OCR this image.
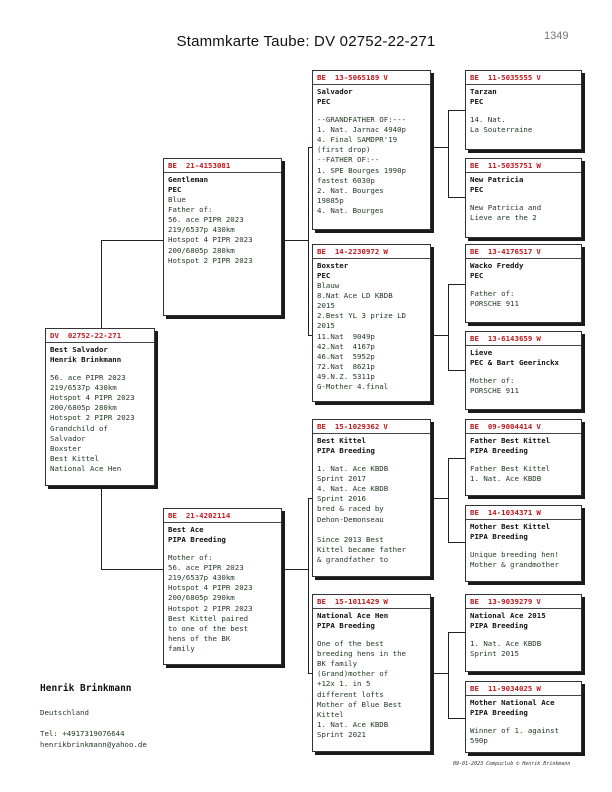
Stammkarte Taube: DV 02752-22-271	1349
DV 02752-22-271
Best Salvador
Henrik Brinkmann
56. ace PIPR 2023
219/6537p 430km
Hotspot 4 PIPR 2023
200/6805p 280km
Hotspot 2 PIPR 2023
Grandchild of
Salvador
Boxster
Best Kittel
National Ace Hen
BE 21-4153081
Gentleman
PEC
Blue
Father of:
56. ace PIPR 2023
219/6537p 430km
Hotspot 4 PIPR 2023
200/6805p 280km
Hotspot 2 PIPR 2023
BE 21-4202114
Best Ace
PIPA Breeding
Mother of:
56. ace PIPR 2023
219/6537p 430km
Hotspot 4 PIPR 2023
200/6805p 290km
Hotspot 2 PIPR 2023
Best Kittel paired
to one of the best
hens of the BK
family
BE 13-5065189 V
Salvador
PEC
--GRANDFATHER OF:---
1. Nat. Jarnac 4940p
4. Final SAMDPR'19
(first drop)
--FATHER OF:--
1. SPE Bourges 1990p
fastest 6030p
2. Nat. Bourges
19885p
4. Nat. Bourges
BE 14-2230972 W
Boxster
PEC
Blauw
8.Nat Ace LD KBDB
2015
2.Best YL 3 prize LD
2015
11.Nat  9049p
42.Nat  4167p
46.Nat  5952p
72.Nat  8621p
49.N.Z. 5311p
G-Mother 4.final
BE 15-1029362 V
Best Kittel
PIPA Breeding
1. Nat. Ace KBDB
Sprint 2017
4. Nat. Ace KBDB
Sprint 2016
bred & raced by
Dehon-Demonseau

Since 2013 Best
Kittel became father
& grandfather to
BE 15-1011429 W
National Ace Hen
PIPA Breeding
One of the best
breeding hens in the
BK family
(Grand)mother of
+12x 1. in 5
different lofts
Mother of Blue Best
Kittel
1. Nat. Ace KBDB
Sprint 2021
BE 11-5035555 V
Tarzan
PEC
14. Nat.
La Souterraine
BE 11-5035751 W
New Patricia
PEC
New Patricia and
Lieve are the 2
BE 13-4176517 V
Wacko Freddy
PEC
Father of:
PORSCHE 911
BE 13-6143659 W
Lieve
PEC & Bart Geerinckx
Mother of:
PORSCHE 911
BE 09-9004414 V
Father Best Kittel
PIPA Breeding
Father Best Kittel
1. Nat. Ace KBDB
BE 14-1034371 W
Mother Best Kittel
PIPA Breeding
Unique breeding hen!
Mother & grandmother
BE 13-9039279 V
National Ace 2015
PIPA Breeding
1. Nat. Ace KBDB
Sprint 2015
BE 11-9034025 W
Mother National Ace
PIPA Breeding
Winner of 1. against
590p
Henrik Brinkmann
Deutschland
Tel: +4917319076644
henrikbrinkmann@yahoo.de
09-01-2023 Compuclub © Henrik Brinkmann
